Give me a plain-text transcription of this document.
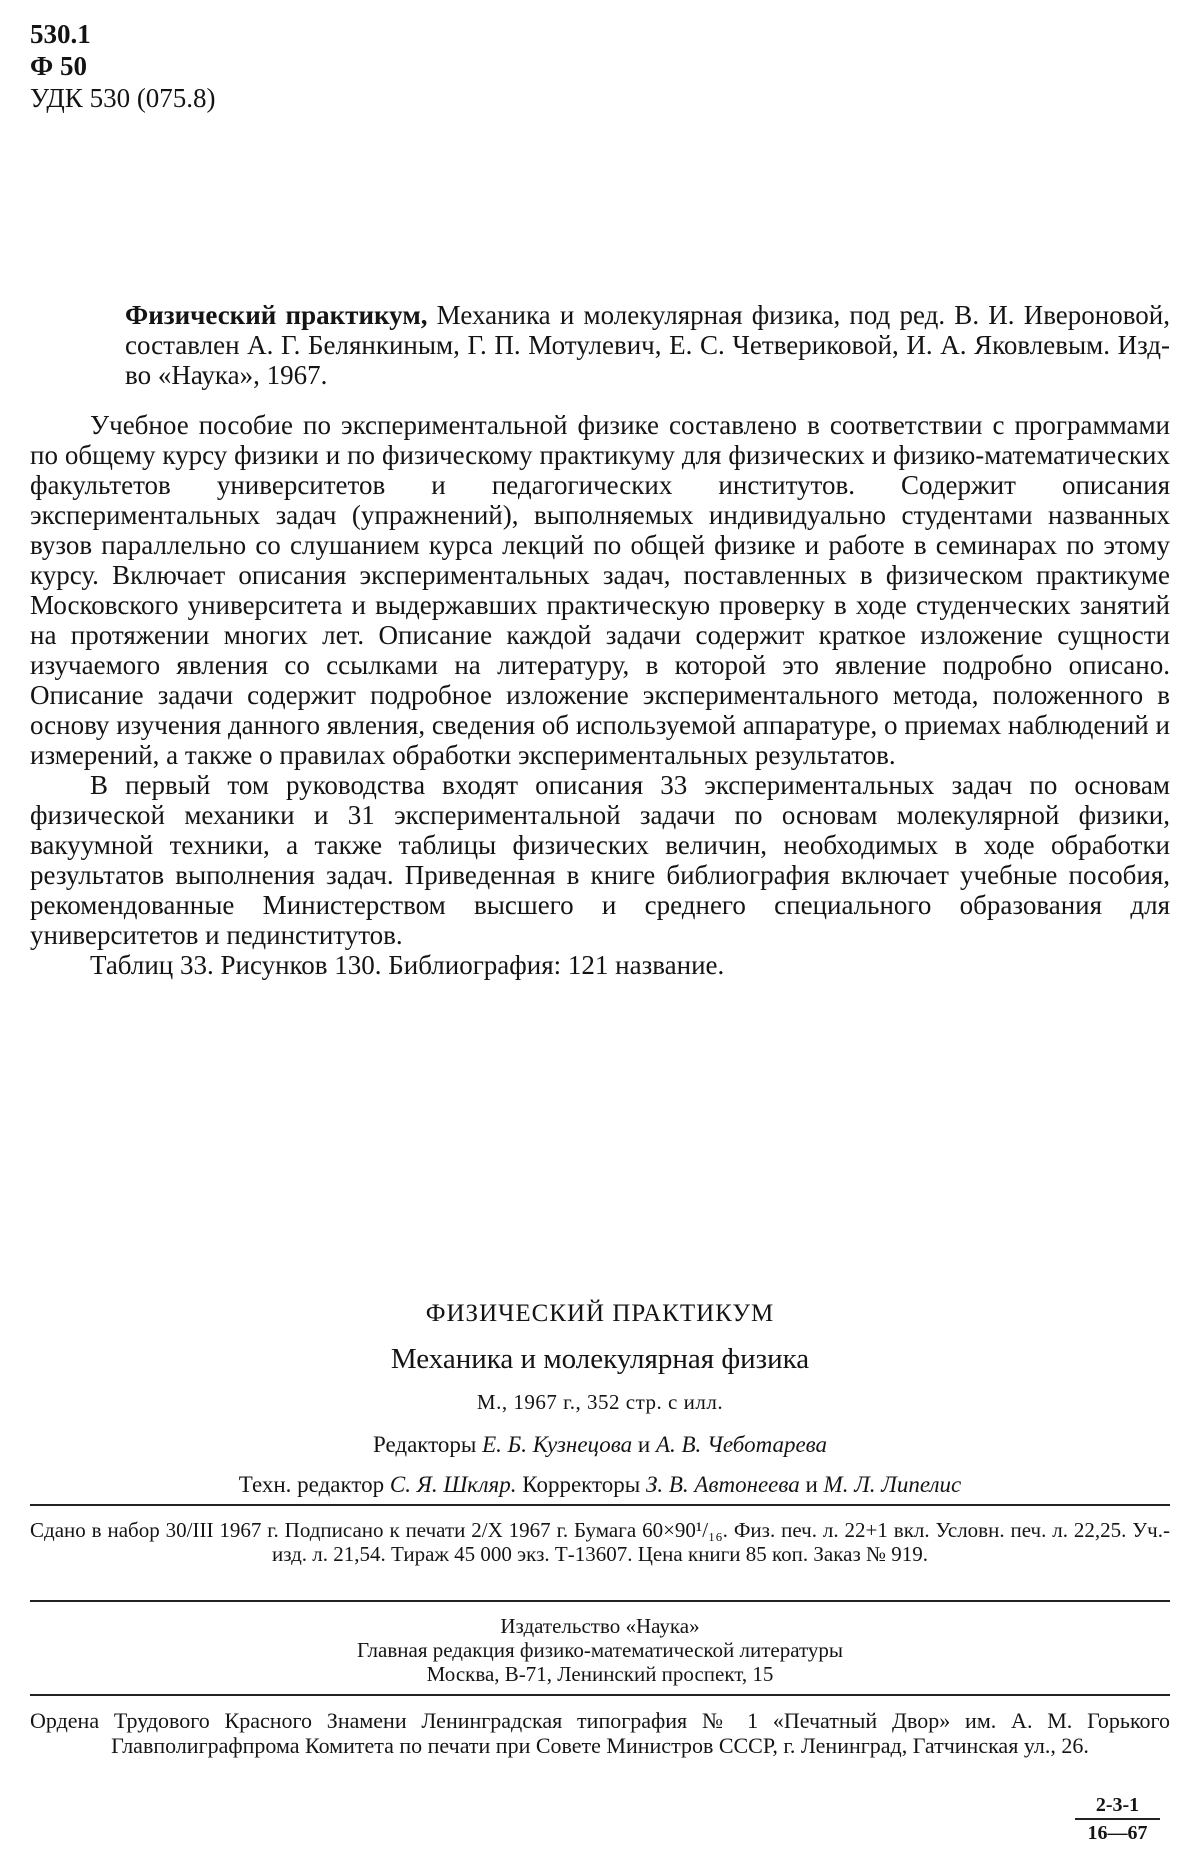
530.1
Ф 50
УДК 530 (075.8)

Физический практикум, Механика и молекулярная физика, под ред. В. И. Ивероновой, составлен А. Г. Белянкиным, Г. П. Мотулевич, Е. С. Четвериковой, И. А. Яковлевым. Изд-во «Наука», 1967.

Учебное пособие по экспериментальной физике составлено в соответствии с программами по общему курсу физики и по физическому практикуму для физических и физико-математических факультетов университетов и педагогических институтов. Содержит описания экспериментальных задач (упражнений), выполняемых индивидуально студентами названных вузов параллельно со слушанием курса лекций по общей физике и работе в семинарах по этому курсу. Включает описания экспериментальных задач, поставленных в физическом практикуме Московского университета и выдержавших практическую проверку в ходе студенческих занятий на протяжении многих лет. Описание каждой задачи содержит краткое изложение сущности изучаемого явления со ссылками на литературу, в которой это явление подробно описано. Описание задачи содержит подробное изложение экспериментального метода, положенного в основу изучения данного явления, сведения об используемой аппаратуре, о приемах наблюдений и измерений, а также о правилах обработки экспериментальных результатов.

В первый том руководства входят описания 33 экспериментальных задач по основам физической механики и 31 экспериментальной задачи по основам молекулярной физики, вакуумной техники, а также таблицы физических величин, необходимых в ходе обработки результатов выполнения задач. Приведенная в книге библиография включает учебные пособия, рекомендованные Министерством высшего и среднего специального образования для университетов и пединститутов.

Таблиц 33. Рисунков 130. Библиография: 121 название.

ФИЗИЧЕСКИЙ ПРАКТИКУМ
Механика и молекулярная физика
М., 1967 г., 352 стр. с илл.
Редакторы Е. Б. Кузнецова и А. В. Чеботарева
Техн. редактор С. Я. Шкляр. Корректоры З. В. Автонеева и М. Л. Липелис
Сдано в набор 30/III 1967 г. Подписано к печати 2/X 1967 г. Бумага 60×90¹/₁₆. Физ. печ. л. 22+1 вкл. Условн. печ. л. 22,25. Уч.-изд. л. 21,54. Тираж 45 000 экз. Т-13607. Цена книги 85 коп. Заказ № 919.
Издательство «Наука»
Главная редакция физико-математической литературы
Москва, В-71, Ленинский проспект, 15
Ордена Трудового Красного Знамени Ленинградская типография № 1 «Печатный Двор» им. А. М. Горького Главполиграфпрома Комитета по печати при Совете Министров СССР, г. Ленинград, Гатчинская ул., 26.
2-3-1
16—67
